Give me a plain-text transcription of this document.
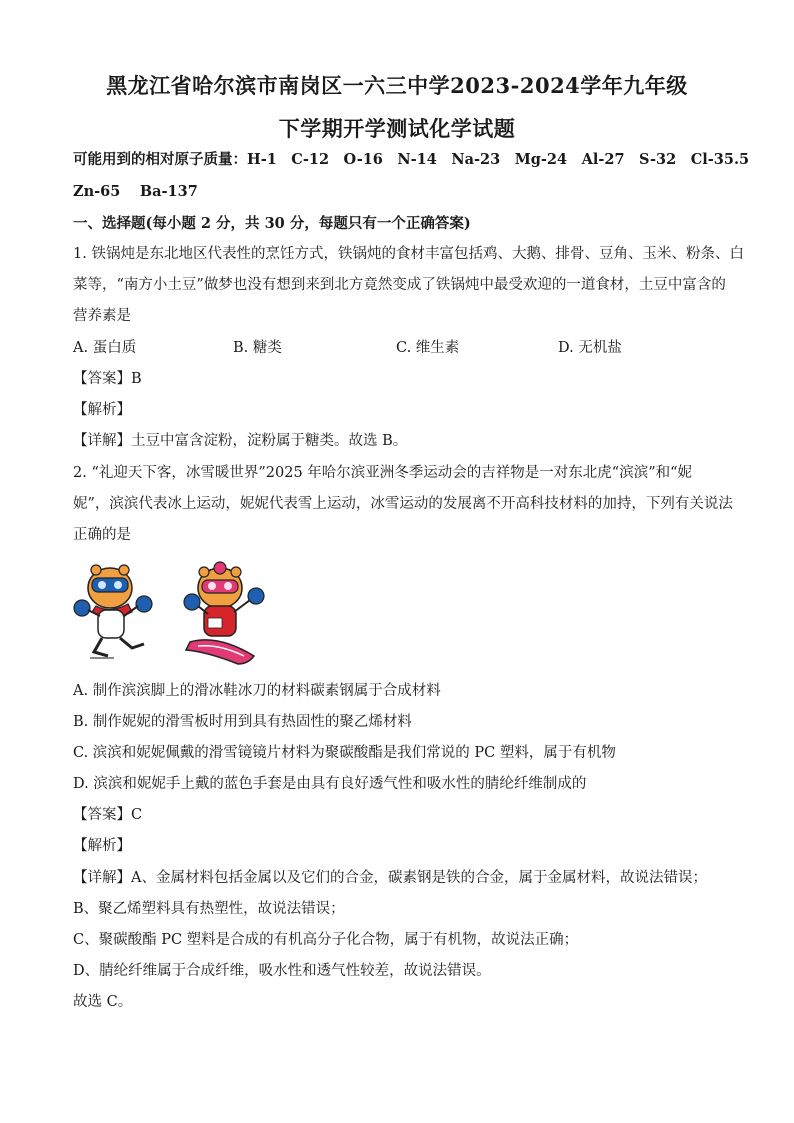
黑龙江省哈尔滨市南岗区一六三中学2023-2024学年九年级
下学期开学测试化学试题
可能用到的相对原子质量：H-1　C-12　O-16　N-14　Na-23　Mg-24　Al-27　S-32　Cl-35.5
Zn-65　 Ba-137
一、选择题(每小题 2 分，共 30 分，每题只有一个正确答案)
1. 铁锅炖是东北地区代表性的烹饪方式，铁锅炖的食材丰富包括鸡、大鹅、排骨、豆角、玉米、粉条、白
菜等，“南方小土豆”做梦也没有想到来到北方竟然变成了铁锅炖中最受欢迎的一道食材，土豆中富含的
营养素是
A. 蛋白质	B. 糖类	C. 维生素	D. 无机盐
【答案】B
【解析】
【详解】土豆中富含淀粉，淀粉属于糖类。故选 B。
2. “礼迎天下客，冰雪暖世界”2025 年哈尔滨亚洲冬季运动会的吉祥物是一对东北虎“滨滨”和“妮
妮”，滨滨代表冰上运动，妮妮代表雪上运动，冰雪运动的发展离不开高科技材料的加持，下列有关说法
正确的是
A. 制作滨滨脚上的滑冰鞋冰刀的材料碳素钢属于合成材料
B. 制作妮妮的滑雪板时用到具有热固性的聚乙烯材料
C. 滨滨和妮妮佩戴的滑雪镜镜片材料为聚碳酸酯是我们常说的 PC 塑料，属于有机物
D. 滨滨和妮妮手上戴的蓝色手套是由具有良好透气性和吸水性的腈纶纤维制成的
【答案】C
【解析】
【详解】A、金属材料包括金属以及它们的合金，碳素钢是铁的合金，属于金属材料，故说法错误；
B、聚乙烯塑料具有热塑性，故说法错误；
C、聚碳酸酯 PC 塑料是合成的有机高分子化合物，属于有机物，故说法正确；
D、腈纶纤维属于合成纤维，吸水性和透气性较差，故说法错误。
故选 C。
